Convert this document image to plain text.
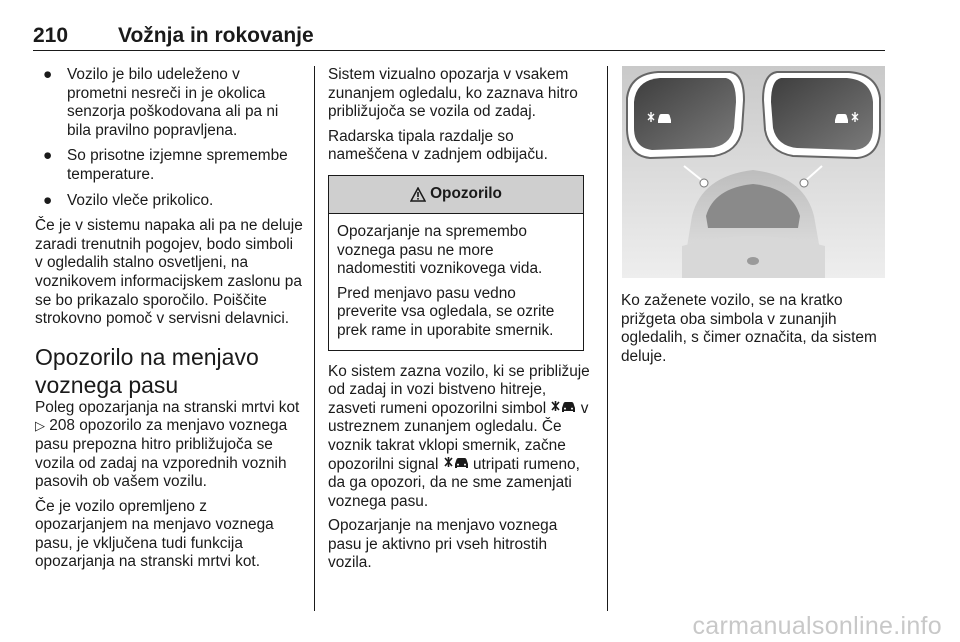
210 Vožnja in rokovanje
● Vozilo je bilo udeleženo v prometni nesreči in je okolica senzorja poškodovana ali pa ni bila pravilno popravljena.
● So prisotne izjemne spremembe temperature.
● Vozilo vleče prikolico.

Če je v sistemu napaka ali pa ne deluje zaradi trenutnih pogojev, bodo simboli v ogledalih stalno osvetljeni, na voznikovem informacijskem zaslonu pa se bo prikazalo sporočilo. Poiščite strokovno pomoč v servisni delavnici.

Opozorilo na menjavo voznega pasu

Poleg opozarjanja na stranski mrtvi kot ▷ 208 opozorilo za menjavo voznega pasu prepozna hitro približujoča se vozila od zadaj na vzporednih voznih pasovih ob vašem vozilu.

Če je vozilo opremljeno z opozarjanjem na menjavo voznega pasu, je vključena tudi funkcija opozarjanja na stranski mrtvi kot.

Sistem vizualno opozarja v vsakem zunanjem ogledalu, ko zaznava hitro približujoča se vozila od zadaj.

Radarska tipala razdalje so nameščena v zadnjem odbijaču.

Opozorilo

Opozarjanje na spremembo voznega pasu ne more nadomestiti voznikovega vida.

Pred menjavo pasu vedno preverite vsa ogledala, se ozrite prek rame in uporabite smernik.

Ko sistem zazna vozilo, ki se približuje od zadaj in vozi bistveno hitreje, zasveti rumeni opozorilni simbol v ustreznem zunanjem ogledalu. Če voznik takrat vklopi smernik, začne opozorilni signal utripati rumeno, da ga opozori, da ne sme zamenjati voznega pasu.

Opozarjanje na menjavo voznega pasu je aktivno pri vseh hitrostih vozila.

Ko zaženete vozilo, se na kratko prižgeta oba simbola v zunanjih ogledalih, s čimer označita, da sistem deluje.

carmanualsonline.info
